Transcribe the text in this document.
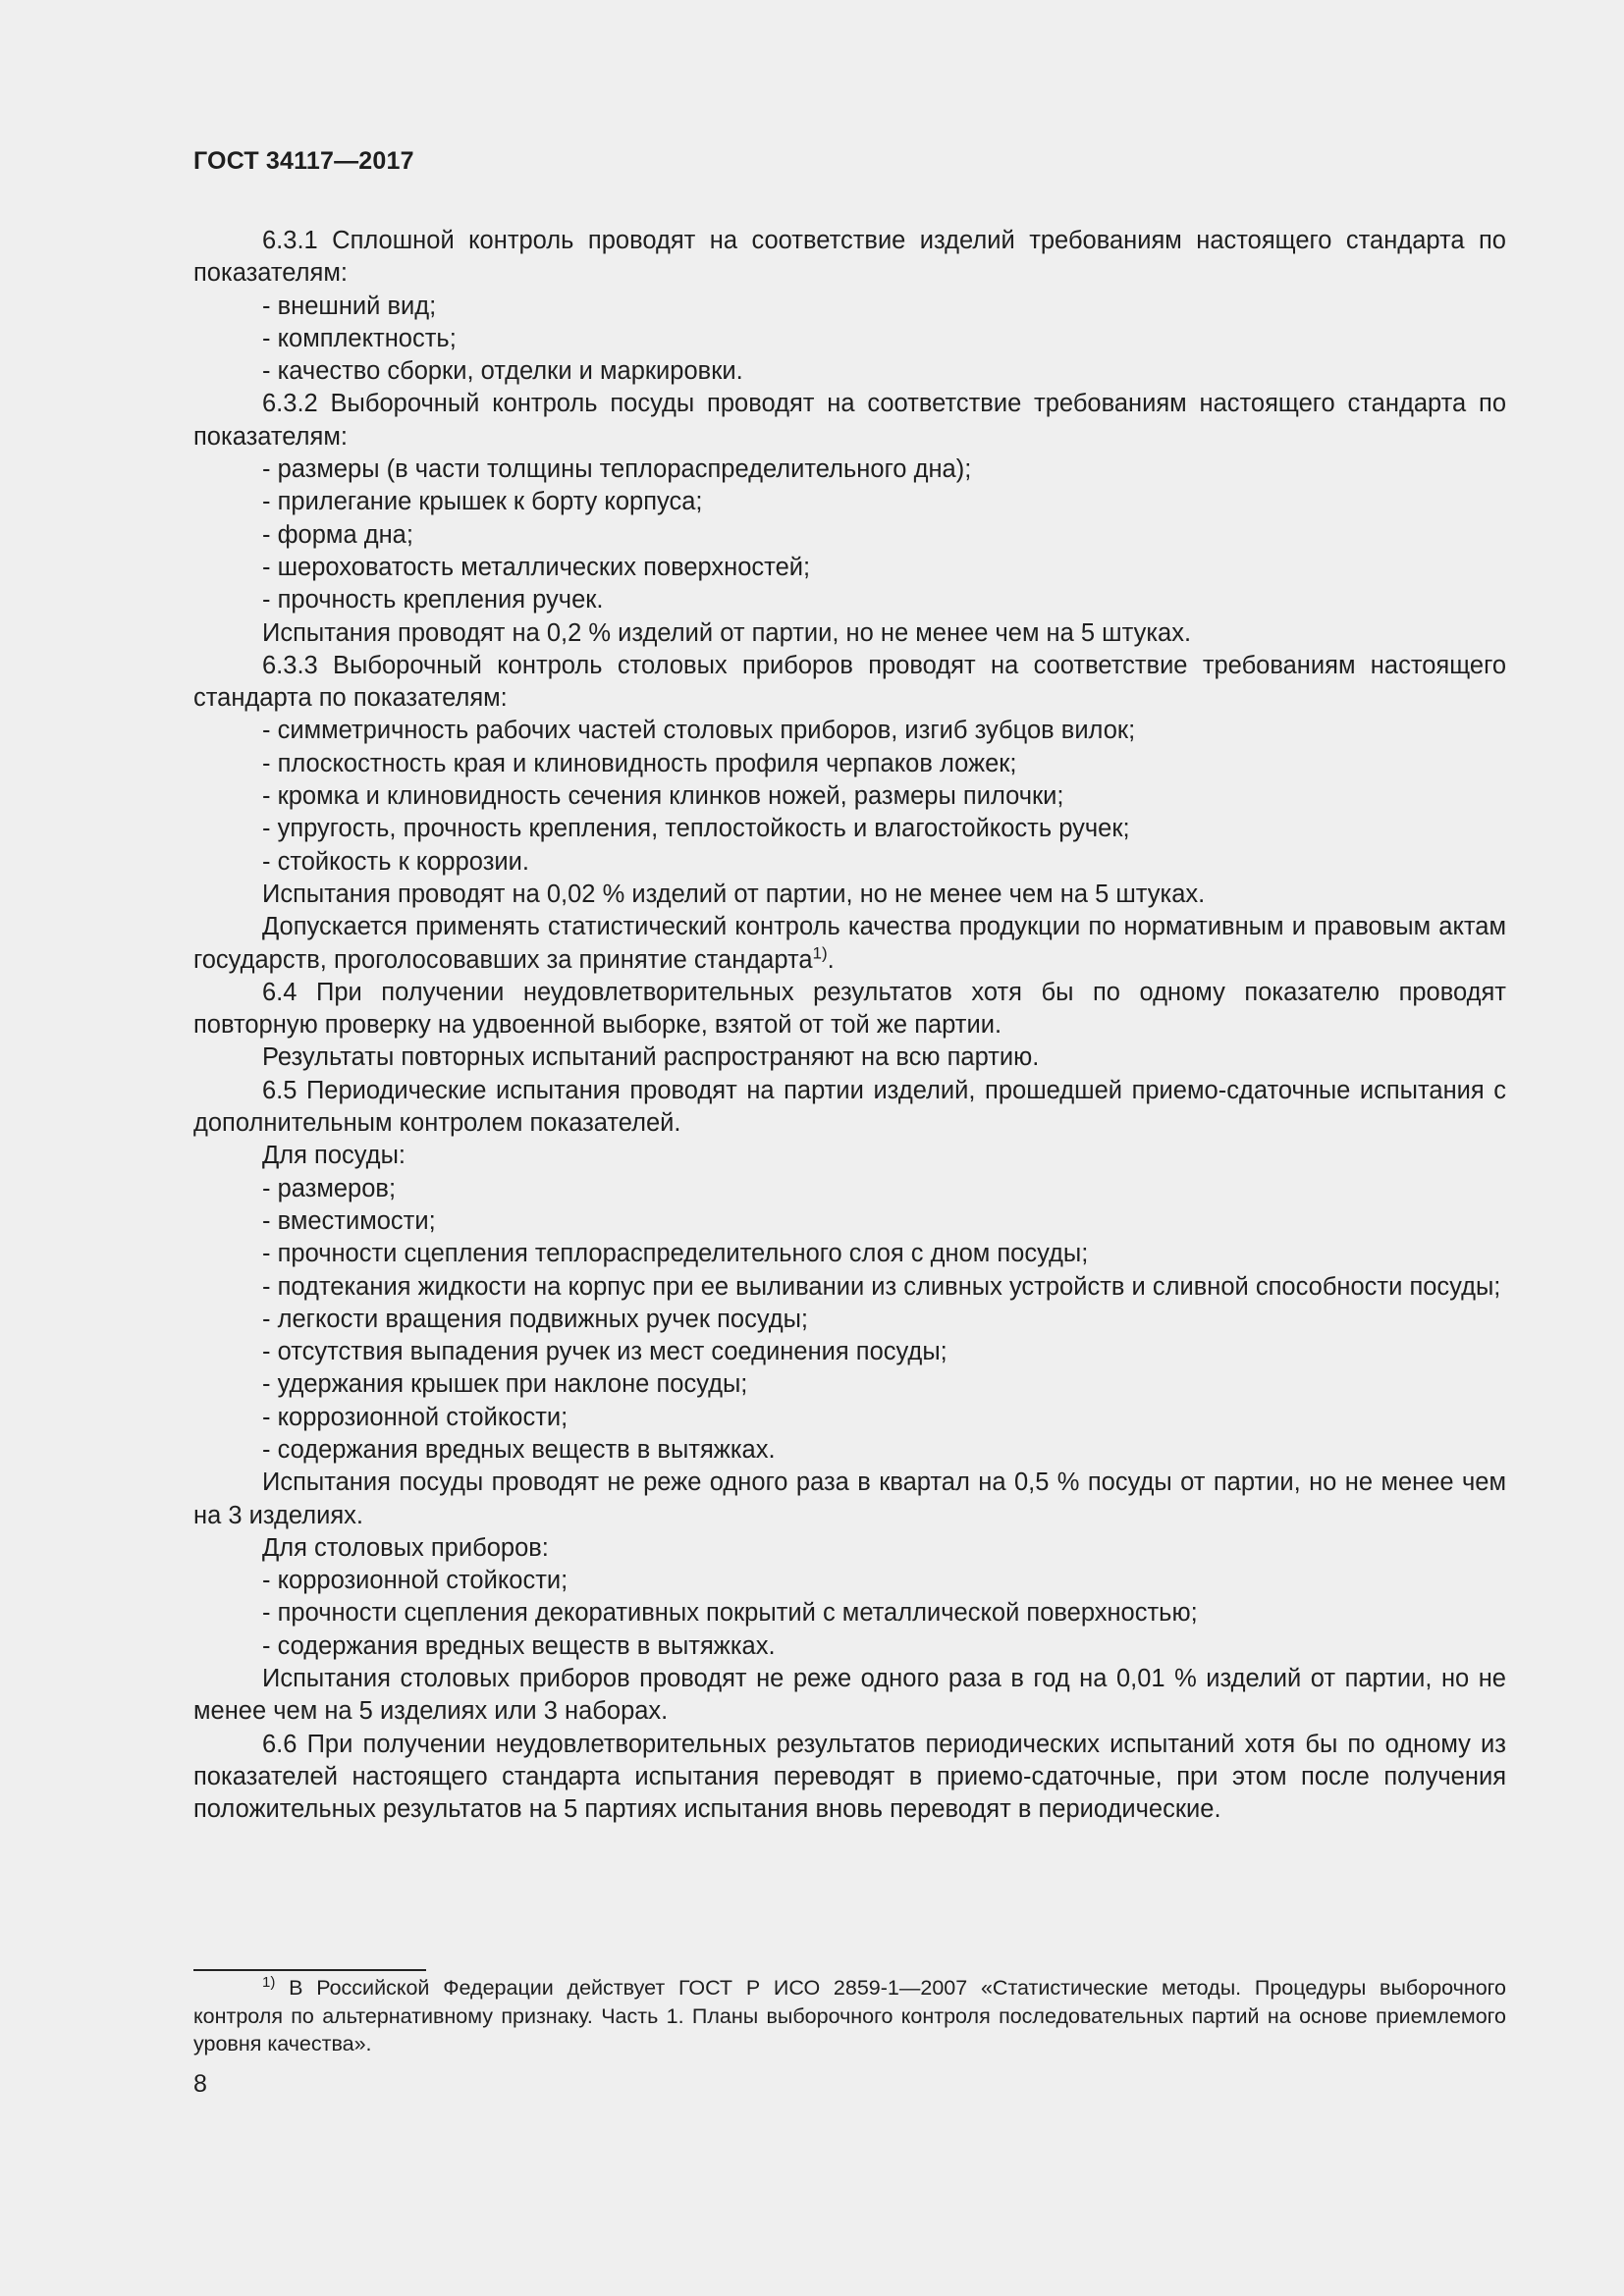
ГОСТ 34117—2017

6.3.1 Сплошной контроль проводят на соответствие изделий требованиям настоящего стандарта по показателям:

- внешний вид;

- комплектность;

- качество сборки, отделки и маркировки.

6.3.2 Выборочный контроль посуды проводят на соответствие требованиям настоящего стандарта по показателям:

- размеры (в части толщины теплораспределительного дна);

- прилегание крышек к борту корпуса;

- форма дна;

- шероховатость металлических поверхностей;

- прочность крепления ручек.

Испытания проводят на 0,2 % изделий от партии, но не менее чем на 5 штуках.

6.3.3 Выборочный контроль столовых приборов проводят на соответствие требованиям настоящего стандарта по показателям:

- симметричность рабочих частей столовых приборов, изгиб зубцов вилок;

- плоскостность края и клиновидность профиля черпаков ложек;

- кромка и клиновидность сечения клинков ножей, размеры пилочки;

- упругость, прочность крепления, теплостойкость и влагостойкость ручек;

- стойкость к коррозии.

Испытания проводят на 0,02 % изделий от партии, но не менее чем на 5 штуках.

Допускается применять статистический контроль качества продукции по нормативным и правовым актам государств, проголосовавших за принятие стандарта$^{1)}$.

6.4 При получении неудовлетворительных результатов хотя бы по одному показателю проводят повторную проверку на удвоенной выборке, взятой от той же партии.

Результаты повторных испытаний распространяют на всю партию.

6.5 Периодические испытания проводят на партии изделий, прошедшей приемо-сдаточные испытания с дополнительным контролем показателей.

Для посуды:

- размеров;

- вместимости;

- прочности сцепления теплораспределительного слоя с дном посуды;

- подтекания жидкости на корпус при ее выливании из сливных устройств и сливной способности посуды;

- легкости вращения подвижных ручек посуды;

- отсутствия выпадения ручек из мест соединения посуды;

- удержания крышек при наклоне посуды;

- коррозионной стойкости;

- содержания вредных веществ в вытяжках.

Испытания посуды проводят не реже одного раза в квартал на 0,5 % посуды от партии, но не менее чем на 3 изделиях.

Для столовых приборов:

- коррозионной стойкости;

- прочности сцепления декоративных покрытий с металлической поверхностью;

- содержания вредных веществ в вытяжках.

Испытания столовых приборов проводят не реже одного раза в год на 0,01 % изделий от партии, но не менее чем на 5 изделиях или 3 наборах.

6.6 При получении неудовлетворительных результатов периодических испытаний хотя бы по одному из показателей настоящего стандарта испытания переводят в приемо-сдаточные, при этом после получения положительных результатов на 5 партиях испытания вновь переводят в периодические.

$^{1)}$ В Российской Федерации действует ГОСТ Р ИСО 2859-1—2007 «Статистические методы. Процедуры выборочного контроля по альтернативному признаку. Часть 1. Планы выборочного контроля последовательных партий на основе приемлемого уровня качества».
8
